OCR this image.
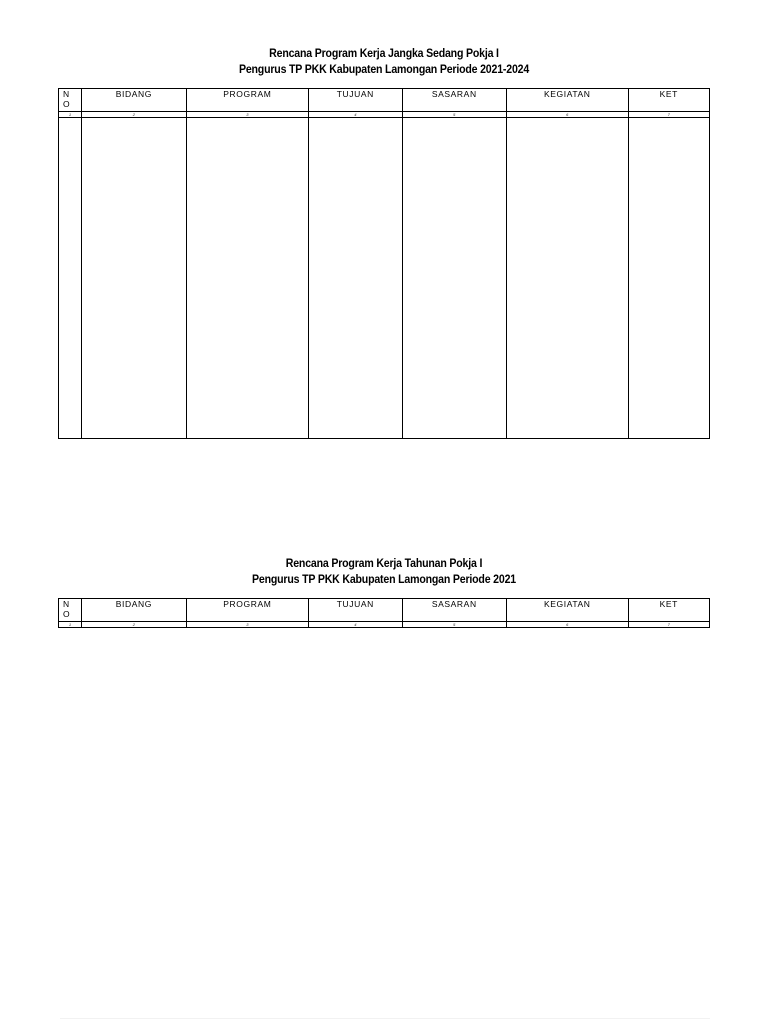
Rencana Program Kerja Jangka Sedang Pokja I
Pengurus TP PKK Kabupaten Lamongan Periode 2021-2024
N
O	BIDANG	PROGRAM	TUJUAN	SASARAN	KEGIATAN	KET
1	2	3	4	5	6	7

Rencana Program Kerja Tahunan Pokja I
Pengurus TP PKK Kabupaten Lamongan Periode 2021
N
O	BIDANG	PROGRAM	TUJUAN	SASARAN	KEGIATAN	KET
1	2	3	4	5	6	7
